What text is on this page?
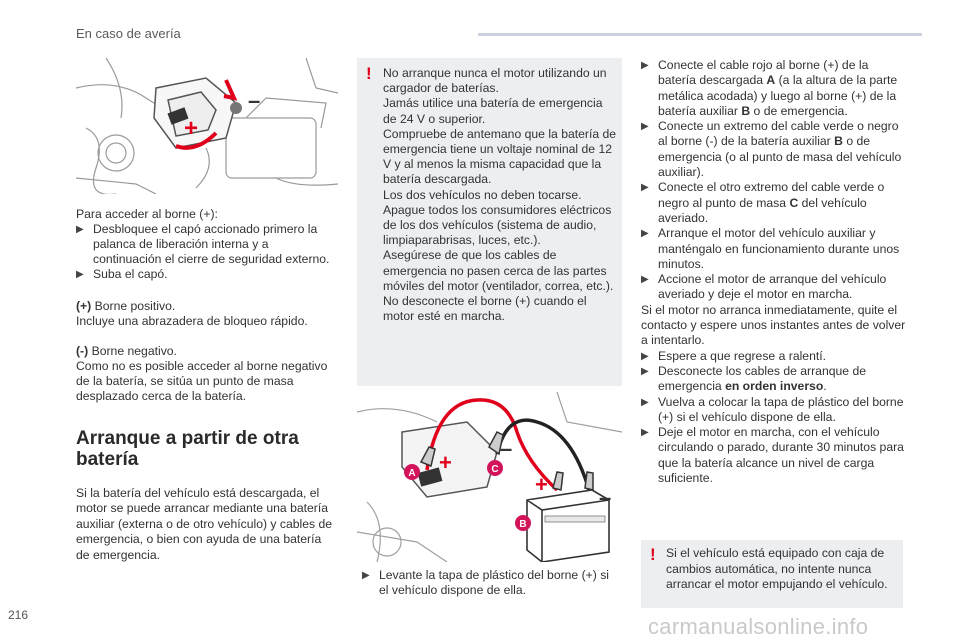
En caso de avería
+
–

Para acceder al borne (+):

▶ Desbloquee el capó accionado primero la palanca de liberación interna y a continuación el cierre de seguridad externo.
▶ Suba el capó.

(+) Borne positivo.

Incluye una abrazadera de bloqueo rápido.

(-) Borne negativo.

Como no es posible acceder al borne negativo de la batería, se sitúa un punto de masa desplazado cerca de la batería.

Arranque a partir de otra batería

Si la batería del vehículo está descargada, el motor se puede arrancar mediante una batería auxiliar (externa o de otro vehículo) y cables de emergencia, o bien con ayuda de una batería de emergencia.

! No arranque nunca el motor utilizando un cargador de baterías.

Jamás utilice una batería de emergencia de 24 V o superior.

Compruebe de antemano que la batería de emergencia tiene un voltaje nominal de 12 V y al menos la misma capacidad que la batería descargada.

Los dos vehículos no deben tocarse.

Apague todos los consumidores eléctricos de los dos vehículos (sistema de audio, limpiaparabrisas, luces, etc.).

Asegúrese de que los cables de emergencia no pasen cerca de las partes móviles del motor (ventilador, correa, etc.).

No desconecte el borne (+) cuando el motor esté en marcha.

+
–
+
–
A	C
B
▶ Levante la tapa de plástico del borne (+) si el vehículo dispone de ella.
▶ Conecte el cable rojo al borne (+) de la batería descargada A (a la altura de la parte metálica acodada) y luego al borne (+) de la batería auxiliar B o de emergencia.
▶ Conecte un extremo del cable verde o negro al borne (-) de la batería auxiliar B o de emergencia (o al punto de masa del vehículo auxiliar).
▶ Conecte el otro extremo del cable verde o negro al punto de masa C del vehículo averiado.
▶ Arranque el motor del vehículo auxiliar y manténgalo en funcionamiento durante unos minutos.
▶ Accione el motor de arranque del vehículo averiado y deje el motor en marcha.

Si el motor no arranca inmediatamente, quite el contacto y espere unos instantes antes de volver a intentarlo.

▶ Espere a que regrese a ralentí.
▶ Desconecte los cables de arranque de emergencia en orden inverso.
▶ Vuelva a colocar la tapa de plástico del borne (+) si el vehículo dispone de ella.
▶ Deje el motor en marcha, con el vehículo circulando o parado, durante 30 minutos para que la batería alcance un nivel de carga suficiente.
! Si el vehículo está equipado con caja de cambios automática, no intente nunca arrancar el motor empujando el vehículo.
216	carmanualsonline.info
